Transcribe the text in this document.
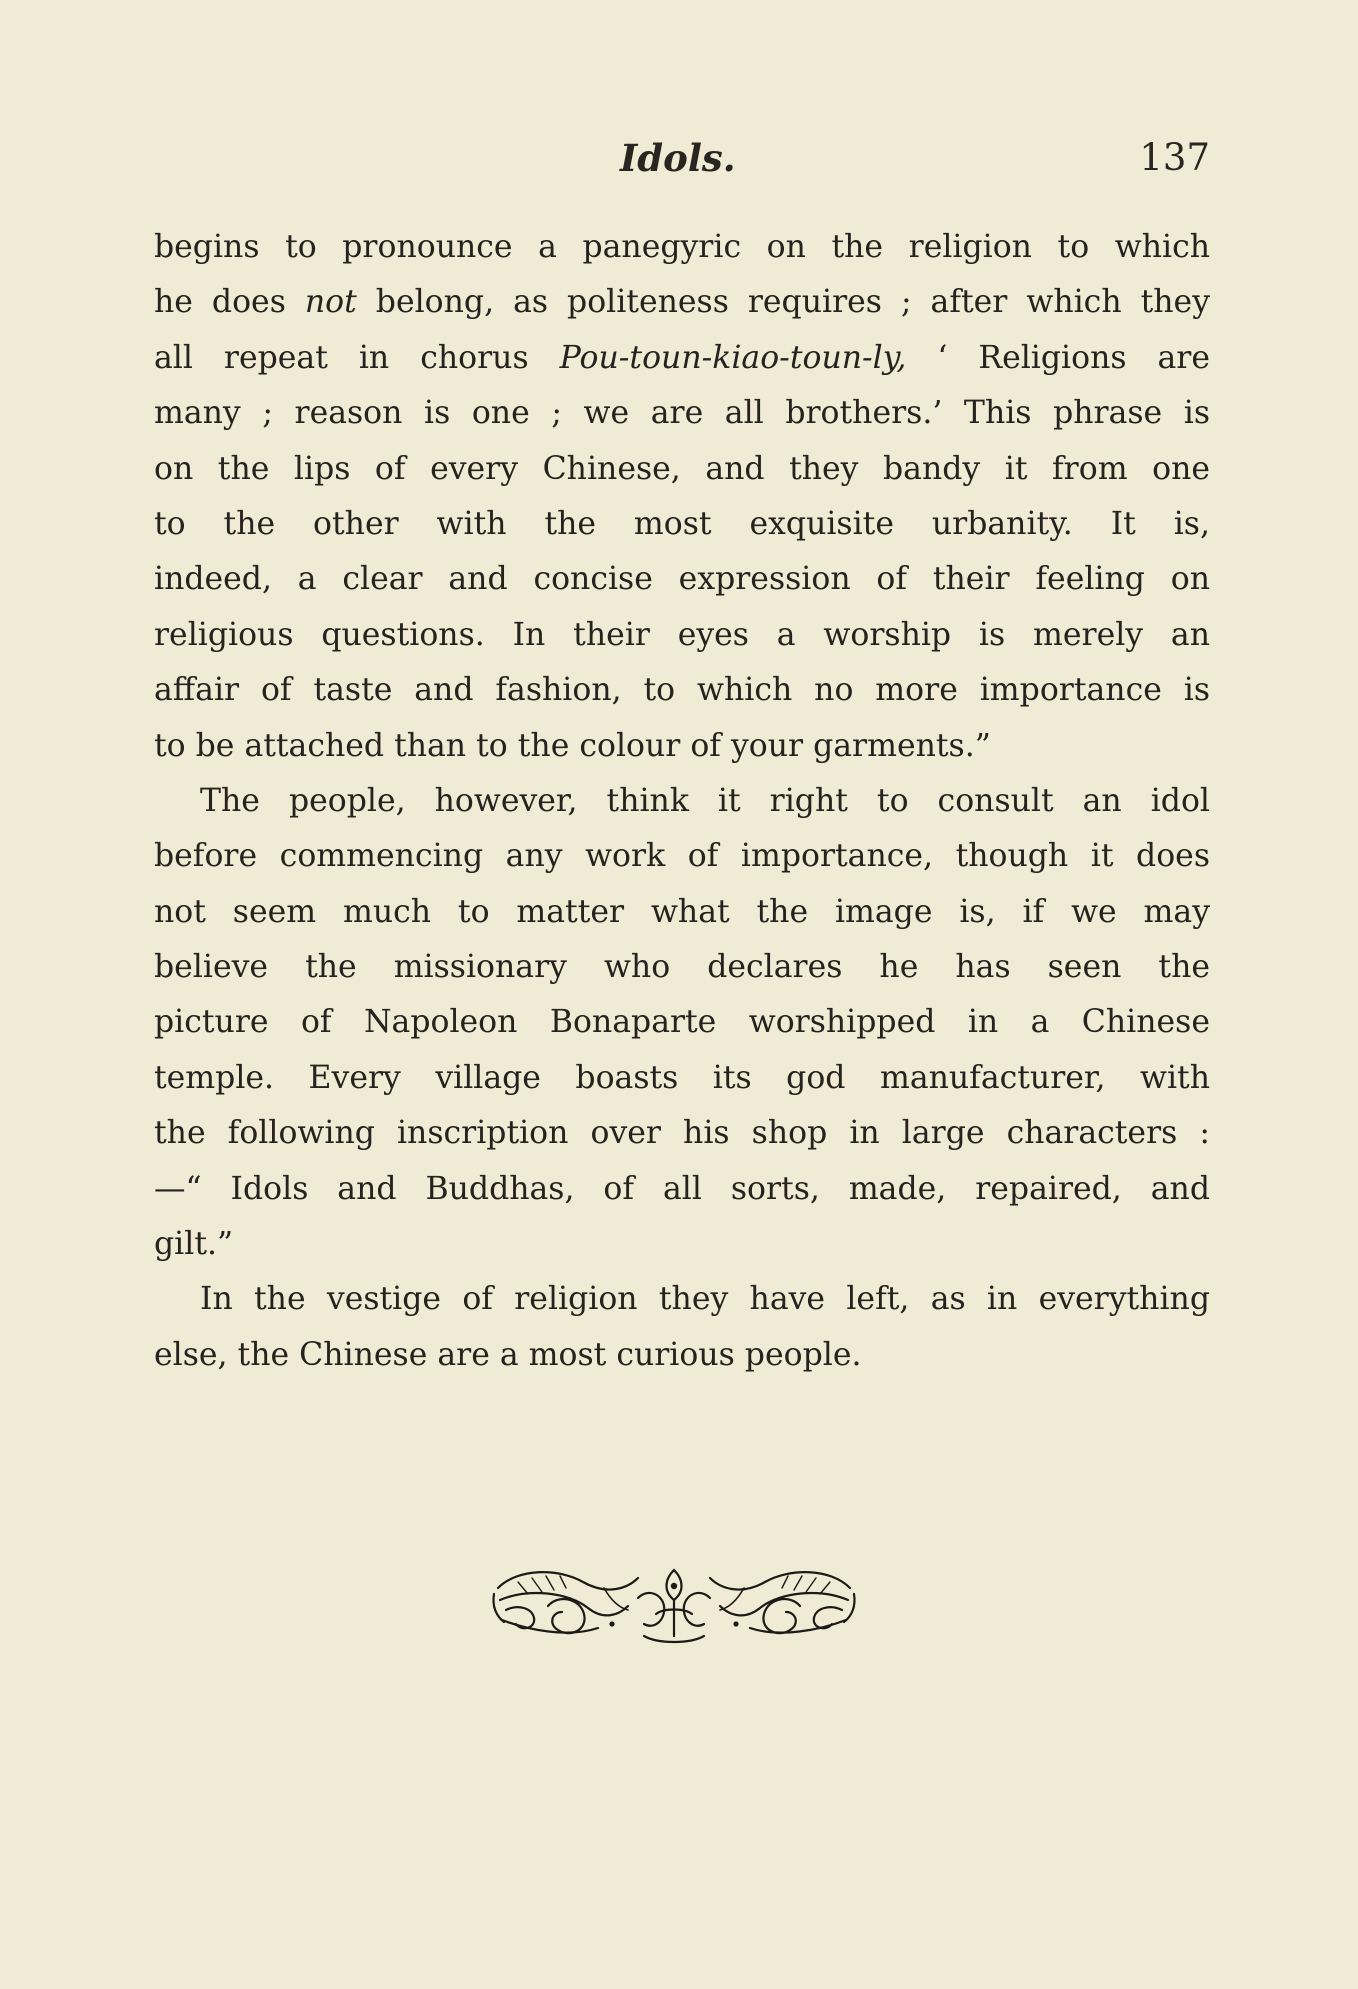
Idols.	137
begins to pronounce a panegyric on the religion to which
he does not belong, as politeness requires ; after which they
all repeat in chorus Pou-toun-kiao-toun-ly, ‘ Religions are
many ; reason is one ; we are all brothers.’ This phrase is
on the lips of every Chinese, and they bandy it from one
to the other with the most exquisite urbanity. It is,
indeed, a clear and concise expression of their feeling on
religious questions. In their eyes a worship is merely an
affair of taste and fashion, to which no more importance is
to be attached than to the colour of your garments.”
The people, however, think it right to consult an idol
before commencing any work of importance, though it does
not seem much to matter what the image is, if we may
believe the missionary who declares he has seen the
picture of Napoleon Bonaparte worshipped in a Chinese
temple. Every village boasts its god manufacturer, with
the following inscription over his shop in large characters :
—“ Idols and Buddhas, of all sorts, made, repaired, and
gilt.”
In the vestige of religion they have left, as in everything
else, the Chinese are a most curious people.
